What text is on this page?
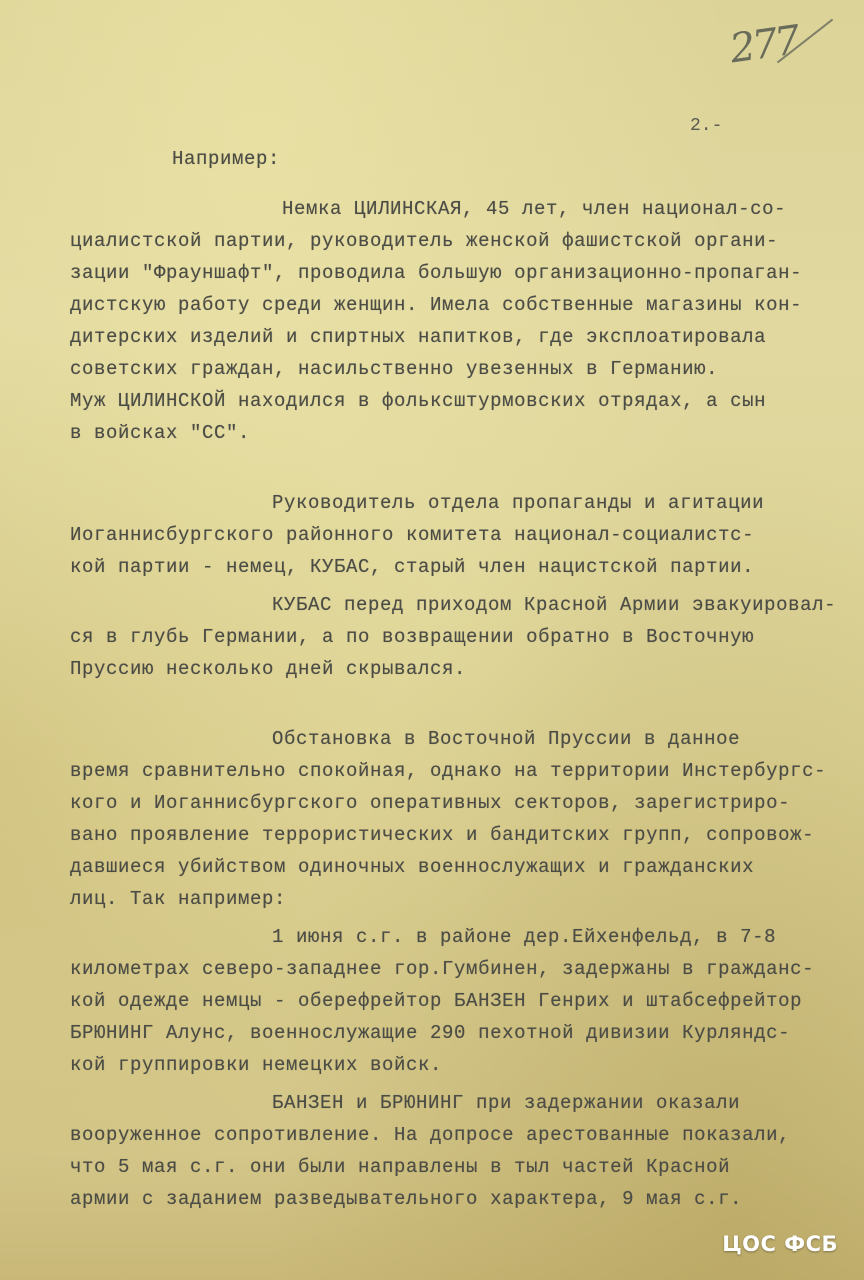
277
2.-
Например:
Немка ЦИЛИНСКАЯ, 45 лет, член национал-со-
циалистской партии, руководитель женской фашистской органи-
зации "Фрауншафт", проводила большую организационно-пропаган-
дистскую работу среди женщин. Имела собственные магазины кон-
дитерских изделий и спиртных напитков, где эксплоатировала
советских граждан, насильственно увезенных в Германию.
Муж ЦИЛИНСКОЙ находился в фольксштурмовских отрядах, а сын
в войсках "СС".
Руководитель отдела пропаганды и агитации
Иоганнисбургского районного комитета национал-социалистс-
кой партии - немец, КУБАС, старый член нацистской партии.
КУБАС перед приходом Красной Армии эвакуировал-
ся в глубь Германии, а по возвращении обратно в Восточную
Пруссию несколько дней скрывался.
Обстановка в Восточной Пруссии в данное
время сравнительно спокойная, однако на территории Инстербургс-
кого и Иоганнисбургского оперативных секторов, зарегистриро-
вано проявление террористических и бандитских групп, сопровож-
давшиеся убийством одиночных военнослужащих и гражданских
лиц. Так например:
1 июня с.г. в районе дер.Ейхенфельд, в 7-8
километрах северо-западнее гор.Гумбинен, задержаны в гражданс-
кой одежде немцы - оберефрейтор БАНЗЕН Генрих и штабсефрейтор
БРЮНИНГ Алунс, военнослужащие 290 пехотной дивизии Курляндс-
кой группировки немецких войск.
БАНЗЕН и БРЮНИНГ при задержании оказали
вооруженное сопротивление. На допросе арестованные показали,
что 5 мая с.г. они были направлены в тыл частей Красной
армии с заданием разведывательного характера, 9 мая с.г.
ЦОС ФСБ
